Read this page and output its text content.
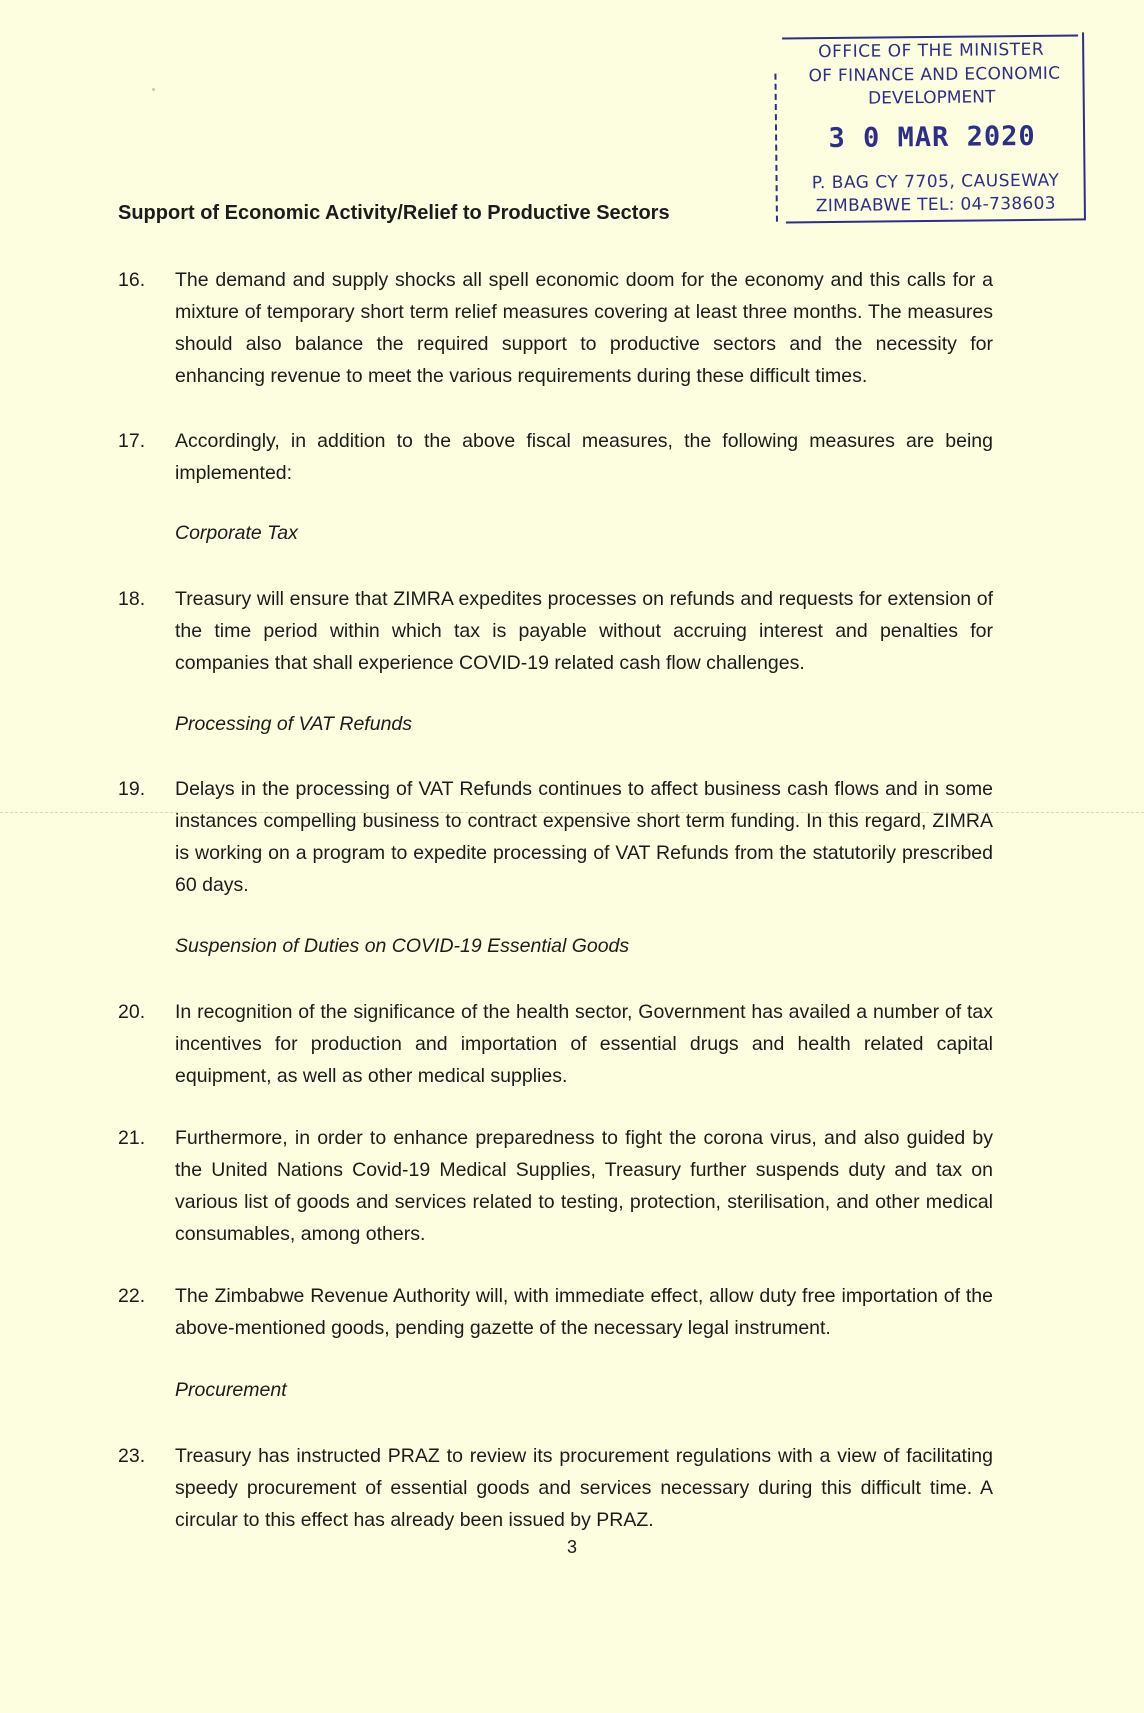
OFFICE OF THE MINISTER
OF FINANCE AND ECONOMIC
DEVELOPMENT
3 0 MAR 2020
P. BAG CY 7705, CAUSEWAY
ZIMBABWE TEL: 04-738603
Support of Economic Activity/Relief to Productive Sectors
16.	The demand and supply shocks all spell economic doom for the economy and this calls for a mixture of temporary short term relief measures covering at least three months. The measures should also balance the required support to productive sectors and the necessity for enhancing revenue to meet the various requirements during these difficult times.
17.	Accordingly, in addition to the above fiscal measures, the following measures are being implemented:
Corporate Tax
18.	Treasury will ensure that ZIMRA expedites processes on refunds and requests for extension of the time period within which tax is payable without accruing interest and penalties for companies that shall experience COVID-19 related cash flow challenges.
Processing of VAT Refunds
19.	Delays in the processing of VAT Refunds continues to affect business cash flows and in some instances compelling business to contract expensive short term funding. In this regard, ZIMRA is working on a program to expedite processing of VAT Refunds from the statutorily prescribed 60 days.
Suspension of Duties on COVID-19 Essential Goods
20.	In recognition of the significance of the health sector, Government has availed a number of tax incentives for production and importation of essential drugs and health related capital equipment, as well as other medical supplies.
21.	Furthermore, in order to enhance preparedness to fight the corona virus, and also guided by the United Nations Covid-19 Medical Supplies, Treasury further suspends duty and tax on various list of goods and services related to testing, protection, sterilisation, and other medical consumables, among others.
22.	The Zimbabwe Revenue Authority will, with immediate effect, allow duty free importation of the above-mentioned goods, pending gazette of the necessary legal instrument.
Procurement
23.	Treasury has instructed PRAZ to review its procurement regulations with a view of facilitating speedy procurement of essential goods and services necessary during this difficult time. A circular to this effect has already been issued by PRAZ.
3
